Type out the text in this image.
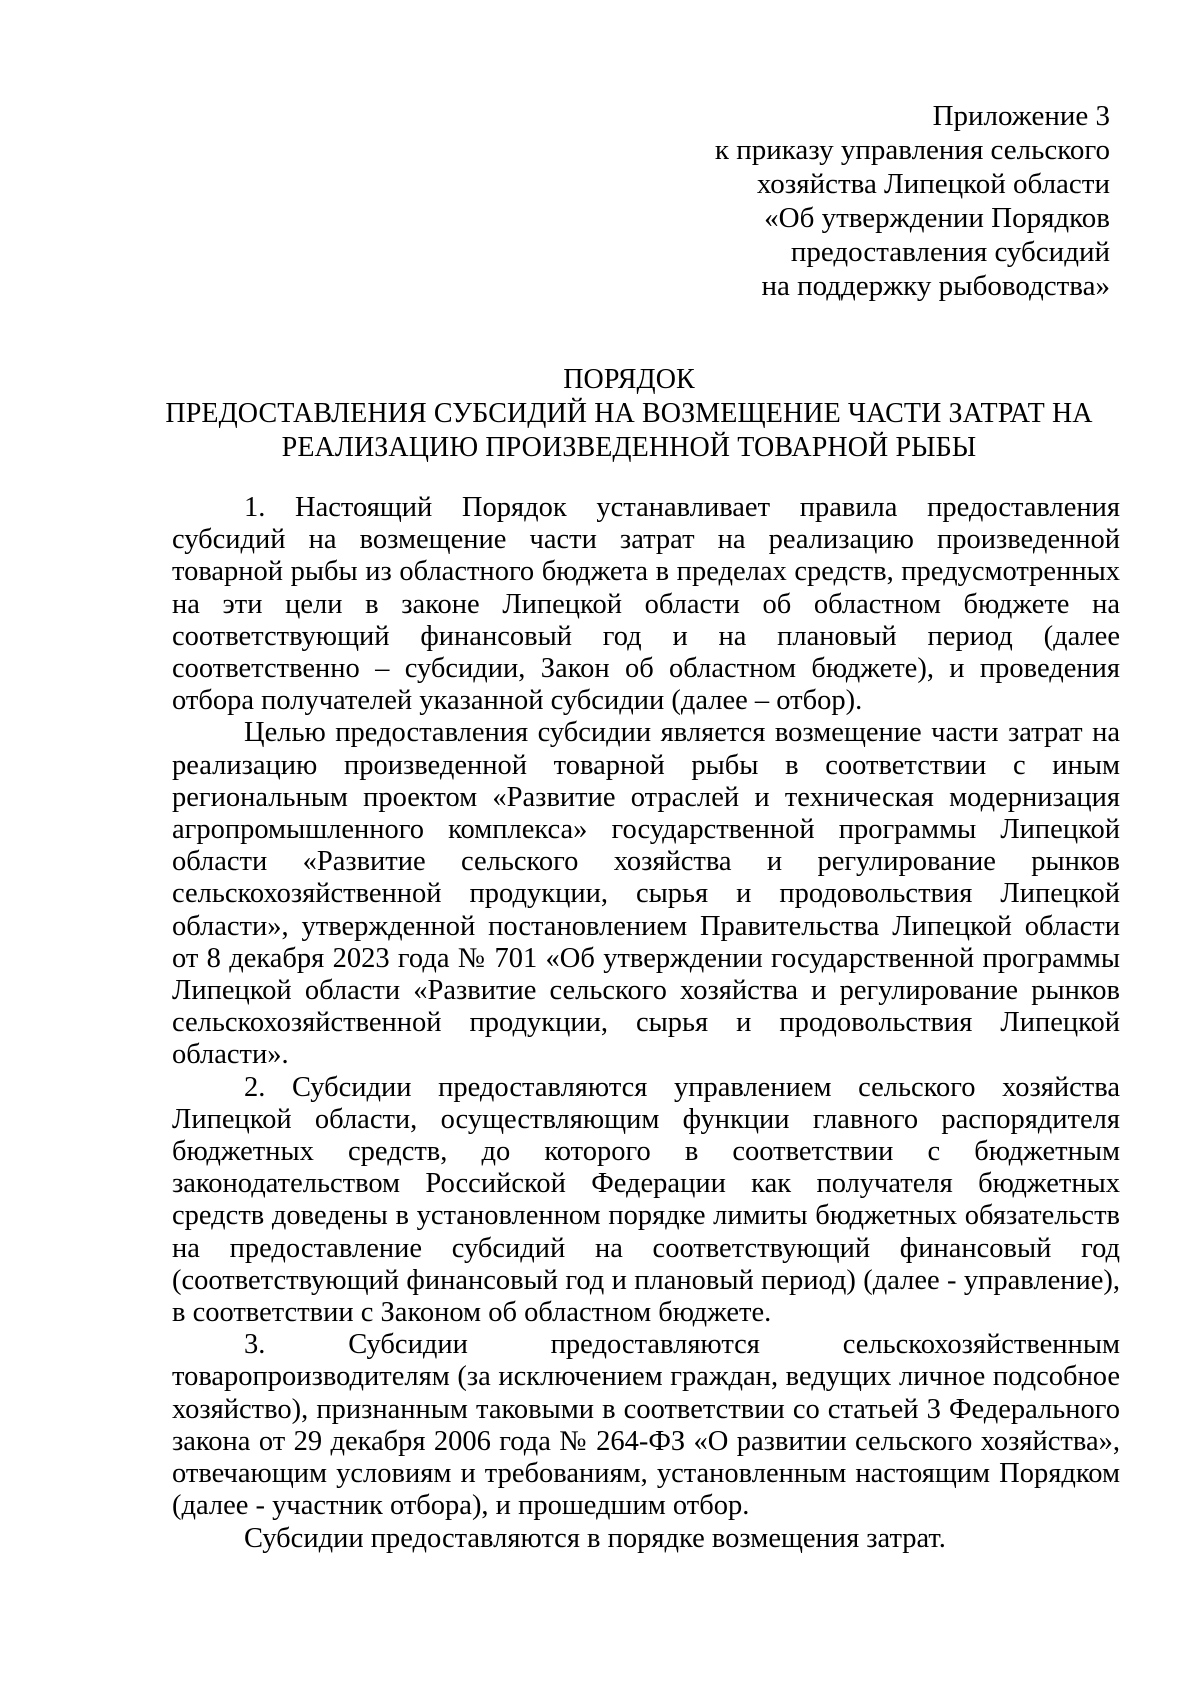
Приложение 3
к приказу управления сельского
хозяйства Липецкой области
«Об утверждении Порядков
предоставления субсидий
на поддержку рыбоводства»
ПОРЯДОК
ПРЕДОСТАВЛЕНИЯ СУБСИДИЙ НА ВОЗМЕЩЕНИЕ ЧАСТИ ЗАТРАТ НА
РЕАЛИЗАЦИЮ ПРОИЗВЕДЕННОЙ ТОВАРНОЙ РЫБЫ

1. Настоящий Порядок устанавливает правила предоставления субсидий на возмещение части затрат на реализацию произведенной товарной рыбы из областного бюджета в пределах средств, предусмотренных на эти цели в законе Липецкой области об областном бюджете на соответствующий финансовый год и на плановый период (далее соответственно – субсидии, Закон об областном бюджете), и проведения отбора получателей указанной субсидии (далее – отбор).

Целью предоставления субсидии является возмещение части затрат на реализацию произведенной товарной рыбы в соответствии с иным региональным проектом «Развитие отраслей и техническая модернизация агропромышленного комплекса» государственной программы Липецкой области «Развитие сельского хозяйства и регулирование рынков сельскохозяйственной продукции, сырья и продовольствия Липецкой области», утвержденной постановлением Правительства Липецкой области от 8 декабря 2023 года № 701 «Об утверждении государственной программы Липецкой области «Развитие сельского хозяйства и регулирование рынков сельскохозяйственной продукции, сырья и продовольствия Липецкой области».

2. Субсидии предоставляются управлением сельского хозяйства Липецкой области, осуществляющим функции главного распорядителя бюджетных средств, до которого в соответствии с бюджетным законодательством Российской Федерации как получателя бюджетных средств доведены в установленном порядке лимиты бюджетных обязательств на предоставление субсидий на соответствующий финансовый год (соответствующий финансовый год и плановый период) (далее - управление), в соответствии с Законом об областном бюджете.

3. Субсидии предоставляются сельскохозяйственным товаропроизводителям (за исключением граждан, ведущих личное подсобное хозяйство), признанным таковыми в соответствии со статьей 3 Федерального закона от 29 декабря 2006 года № 264-ФЗ «О развитии сельского хозяйства», отвечающим условиям и требованиям, установленным настоящим Порядком (далее - участник отбора), и прошедшим отбор.

Субсидии предоставляются в порядке возмещения затрат.
